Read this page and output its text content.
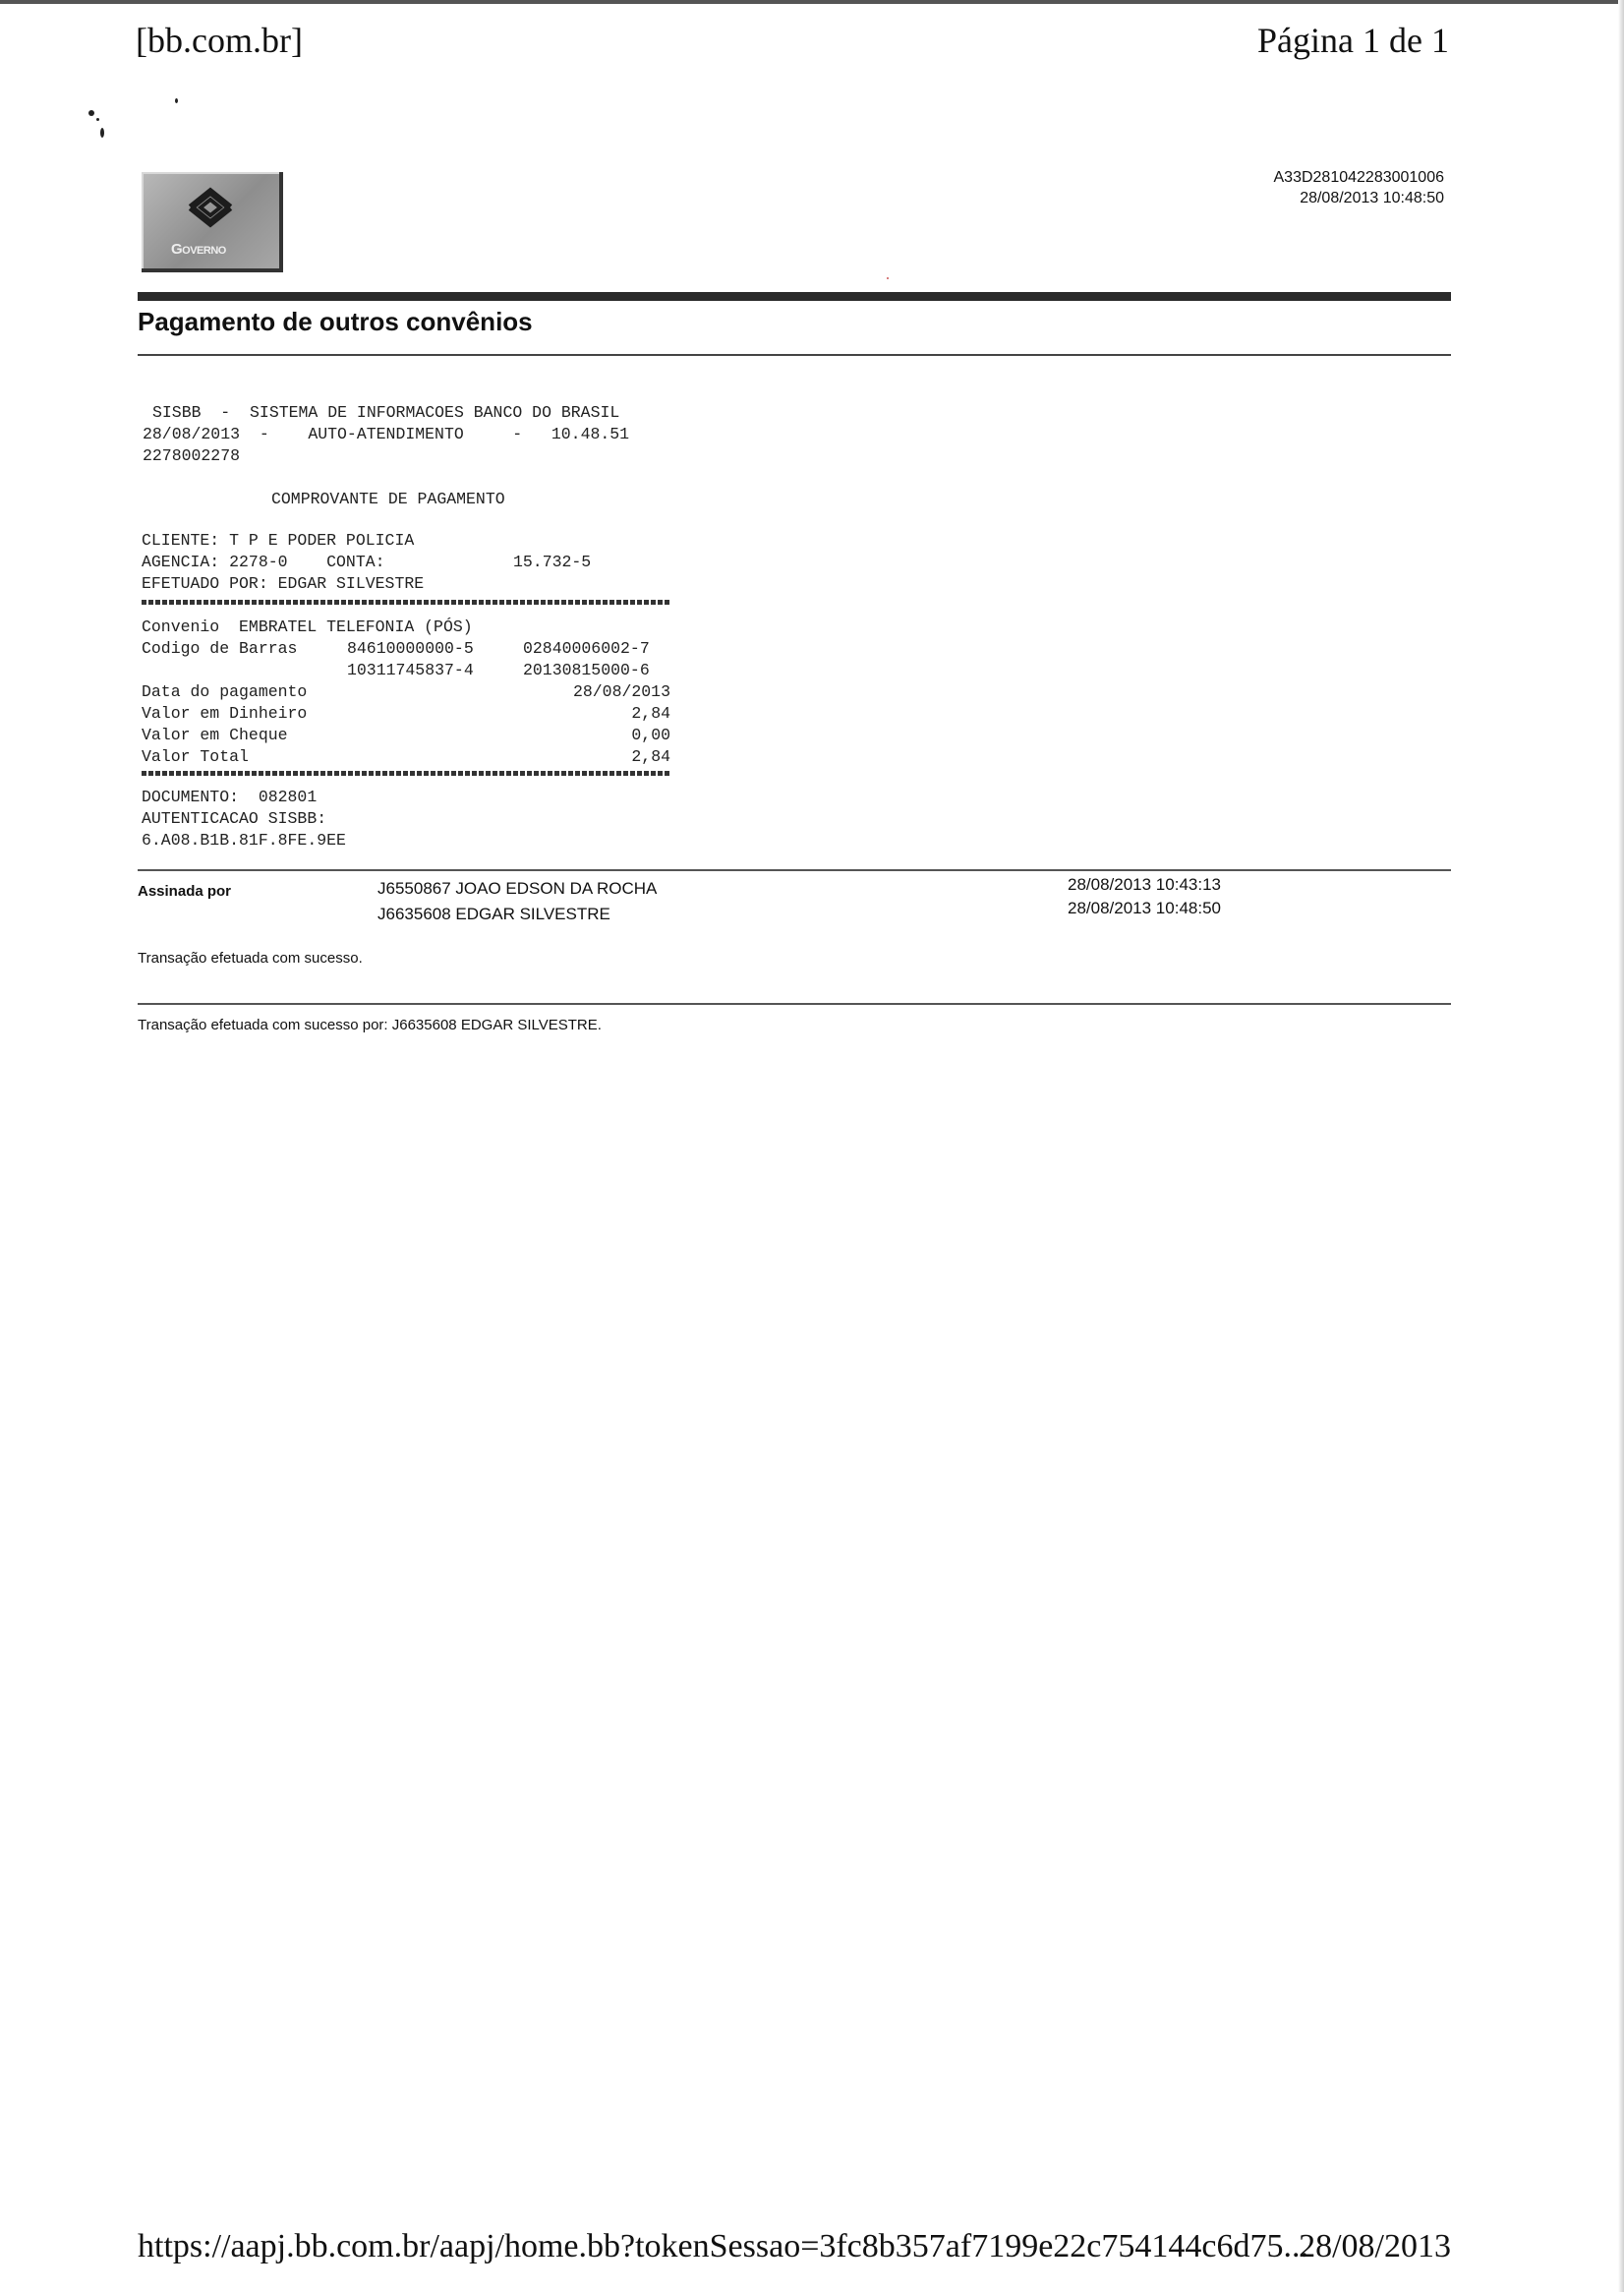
[bb.com.br]	Página 1 de 1
Governo
A33D281042283001006
28/08/2013 10:48:50
Pagamento de outros convênios
SISBB  -  SISTEMA DE INFORMACOES BANCO DO BRASIL
28/08/2013  -    AUTO-ATENDIMENTO     -   10.48.51
2278002278
COMPROVANTE DE PAGAMENTO
CLIENTE: T P E PODER POLICIA
AGENCIA: 2278-0    CONTA:	15.732-5
EFETUADO POR: EDGAR SILVESTRE
Convenio  EMBRATEL TELEFONIA (PÓS)
Codigo de Barras	84610000000-5	02840006002-7
10311745837-4	20130815000-6
Data do pagamento	28/08/2013
Valor em Dinheiro	2,84
Valor em Cheque	0,00
Valor Total	2,84
DOCUMENTO:  082801
AUTENTICACAO SISBB:
6.A08.B1B.81F.8FE.9EE
Assinada por	J6550867 JOAO EDSON DA ROCHA	28/08/2013 10:43:13
J6635608 EDGAR SILVESTRE	28/08/2013 10:48:50
Transação efetuada com sucesso.
Transação efetuada com sucesso por: J6635608 EDGAR SILVESTRE.
https://aapj.bb.com.br/aapj/home.bb?tokenSessao=3fc8b357af7199e22c754144c6d75...
28/08/2013
